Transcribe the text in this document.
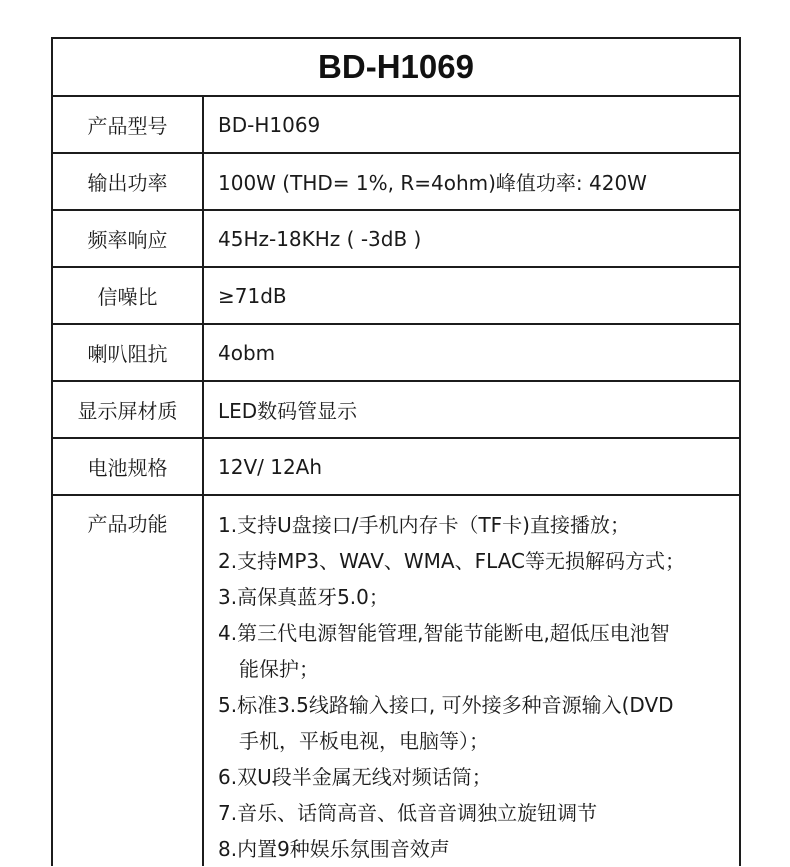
BD-H1069
产品型号	BD-H1069
输出功率	100W (THD= 1%, R=4ohm)峰值功率: 420W
频率响应	45Hz-18KHz ( -3dB )
信噪比	≥71dB
喇叭阻抗	4obm
显示屏材质	LED数码管显示
电池规格	12V/ 12Ah
产品功能	1.支持U盘接口/手机内存卡（TF卡)直接播放；
2.支持MP3、WAV、WMA、FLAC等无损解码方式；
3.高保真蓝牙5.0；
4.第三代电源智能管理,智能节能断电,超低压电池智
能保护；
5.标准3.5线路输入接口, 可外接多种音源输入(DVD
手机，平板电视，电脑等）；
6.双U段半金属无线对频话筒；
7.音乐、话筒高音、低音音调独立旋钮调节
8.内置9种娱乐氛围音效声
